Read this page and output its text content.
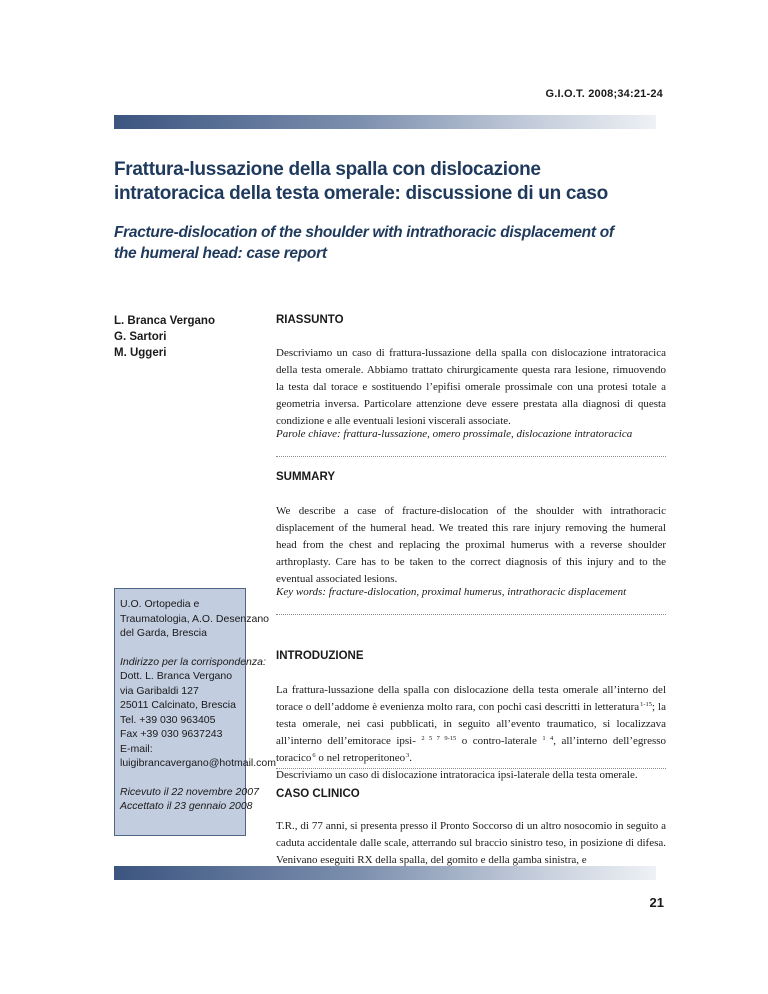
G.I.O.T. 2008;34:21-24
Frattura-lussazione della spalla con dislocazione intratoracica della testa omerale: discussione di un caso
Fracture-dislocation of the shoulder with intrathoracic displacement of the humeral head: case report
L. Branca Vergano
G. Sartori
M. Uggeri
RIASSUNTO

Descriviamo un caso di frattura-lussazione della spalla con dislocazione intratoracica della testa omerale. Abbiamo trattato chirurgicamente questa rara lesione, rimuovendo la testa dal torace e sostituendo l’epifisi omerale prossimale con una protesi totale a geometria inversa. Particolare attenzione deve essere prestata alla diagnosi di questa condizione e alle eventuali lesioni viscerali associate.

Parole chiave: frattura-lussazione, omero prossimale, dislocazione intratoracica

SUMMARY

We describe a case of fracture-dislocation of the shoulder with intrathoracic displacement of the humeral head. We treated this rare injury removing the humeral head from the chest and replacing the proximal humerus with a reverse shoulder arthroplasty. Care has to be taken to the correct diagnosis of this injury and to the eventual associated lesions.

Key words: fracture-dislocation, proximal humerus, intrathoracic displacement

U.O. Ortopedia e
Traumatologia, A.O. Desenzano
del Garda, Brescia
Indirizzo per la corrispondenza:
Dott. L. Branca Vergano
via Garibaldi 127
25011 Calcinato, Brescia
Tel. +39 030 963405
Fax +39 030 9637243
E-mail:
luigibrancavergano@hotmail.com
Ricevuto il 22 novembre 2007
Accettato il 23 gennaio 2008
INTRODUZIONE

La frattura-lussazione della spalla con dislocazione della testa omerale all’interno del torace o dell’addome è evenienza molto rara, con pochi casi descritti in letteratura $^{1-15}$; la testa omerale, nei casi pubblicati, in seguito all’evento traumatico, si localizzava all’interno dell’emitorace ipsi- $^{2 5 7 9-15}$ o contro-laterale $^{1 4}$, all’interno dell’egresso toracico $^6$ o nel retroperitoneo $^3$.
Descriviamo un caso di dislocazione intratoracica ipsi-laterale della testa omerale.

CASO CLINICO

T.R., di 77 anni, si presenta presso il Pronto Soccorso di un altro nosocomio in seguito a caduta accidentale dalle scale, atterrando sul braccio sinistro teso, in posizione di difesa. Venivano eseguiti RX della spalla, del gomito e della gamba sinistra, e

21
